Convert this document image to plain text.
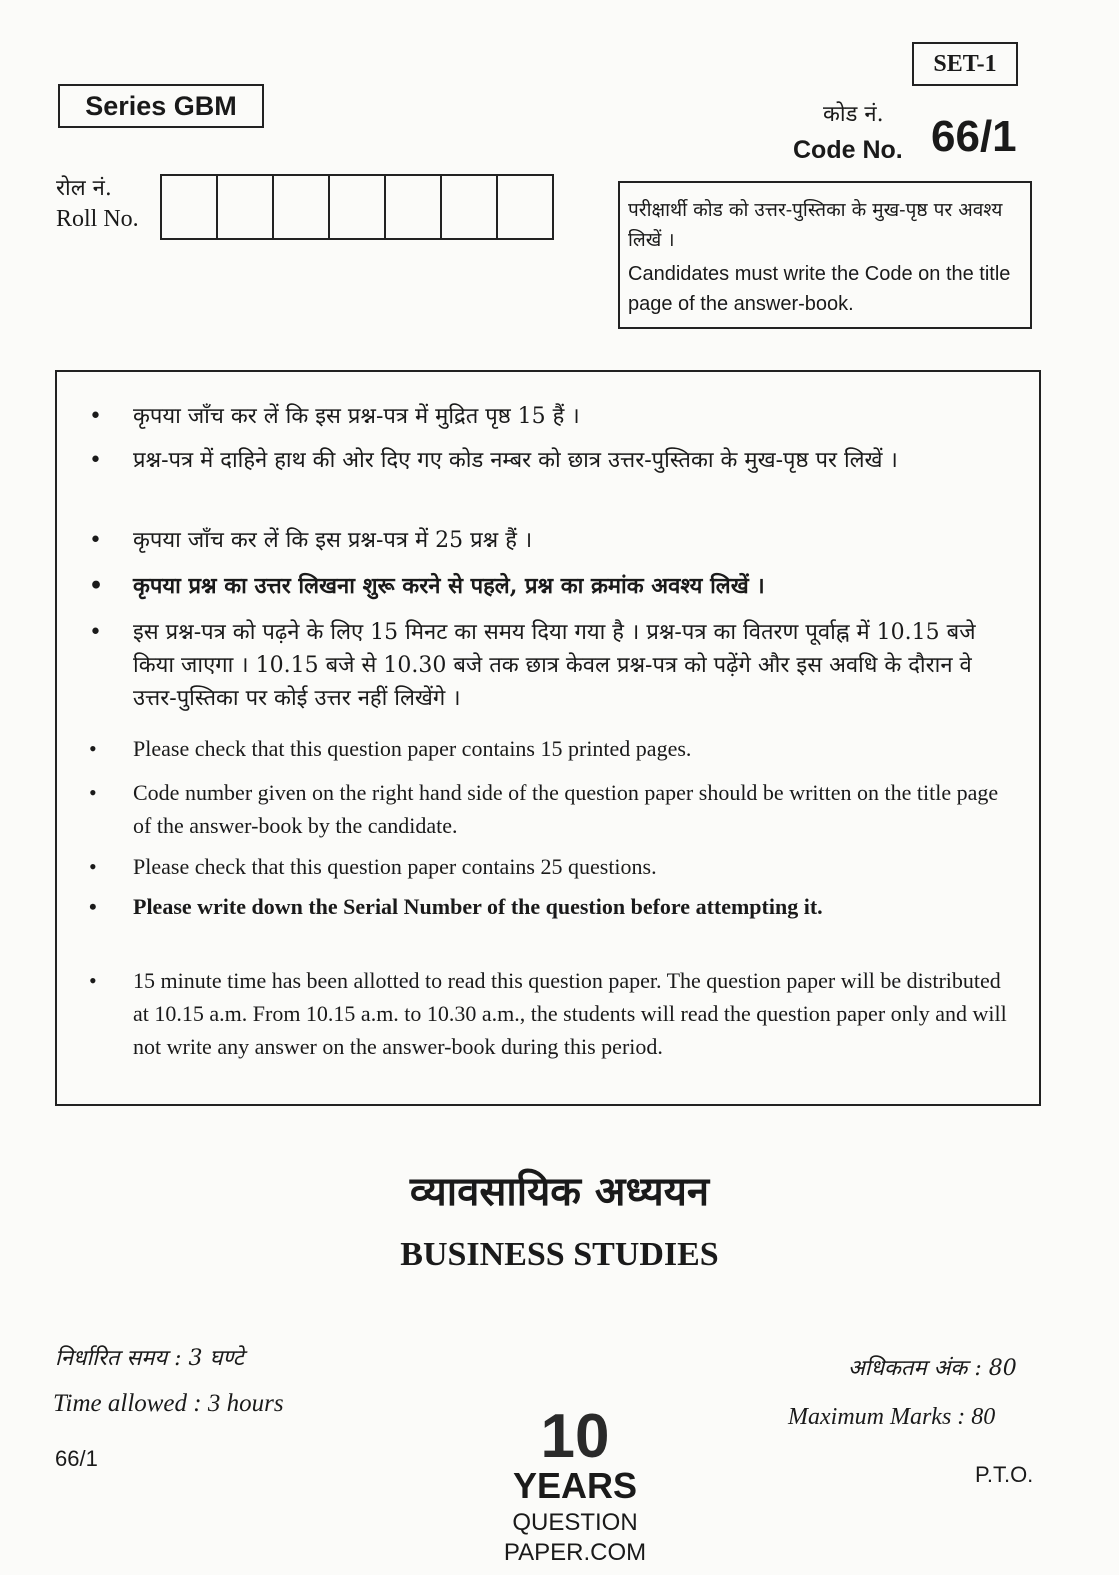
SET-1
Series GBM	कोड नं.
Code No. 66/1
रोल नं.
Roll No.	परीक्षार्थी कोड को उत्तर-पुस्तिका के मुख-पृष्ठ पर अवश्य लिखें ।
Candidates must write the Code on the title page of the answer-book.
•	कृपया जाँच कर लें कि इस प्रश्न-पत्र में मुद्रित पृष्ठ 15 हैं ।
•	प्रश्न-पत्र में दाहिने हाथ की ओर दिए गए कोड नम्बर को छात्र उत्तर-पुस्तिका के मुख-पृष्ठ पर लिखें ।
•	कृपया जाँच कर लें कि इस प्रश्न-पत्र में 25 प्रश्न हैं ।
• कृपया प्रश्न का उत्तर लिखना शुरू करने से पहले, प्रश्न का क्रमांक अवश्य लिखें ।
•	इस प्रश्न-पत्र को पढ़ने के लिए 15 मिनट का समय दिया गया है । प्रश्न-पत्र का वितरण पूर्वाह्न में 10.15 बजे किया जाएगा । 10.15 बजे से 10.30 बजे तक छात्र केवल प्रश्न-पत्र को पढ़ेंगे और इस अवधि के दौरान वे उत्तर-पुस्तिका पर कोई उत्तर नहीं लिखेंगे ।
•	Please check that this question paper contains 15 printed pages.
•	Code number given on the right hand side of the question paper should be written on the title page of the answer-book by the candidate.
•	Please check that this question paper contains 25 questions.
•	Please write down the Serial Number of the question before attempting it.
•	15 minute time has been allotted to read this question paper. The question paper will be distributed at 10.15 a.m. From 10.15 a.m. to 10.30 a.m., the students will read the question paper only and will not write any answer on the answer-book during this period.
व्यावसायिक अध्ययन
BUSINESS STUDIES
निर्धारित समय : 3 घण्टे
Time allowed : 3 hours
66/1
अधिकतम अंक : 80
Maximum Marks : 80
P.T.O.
10
YEARS
QUESTION PAPER.COM
